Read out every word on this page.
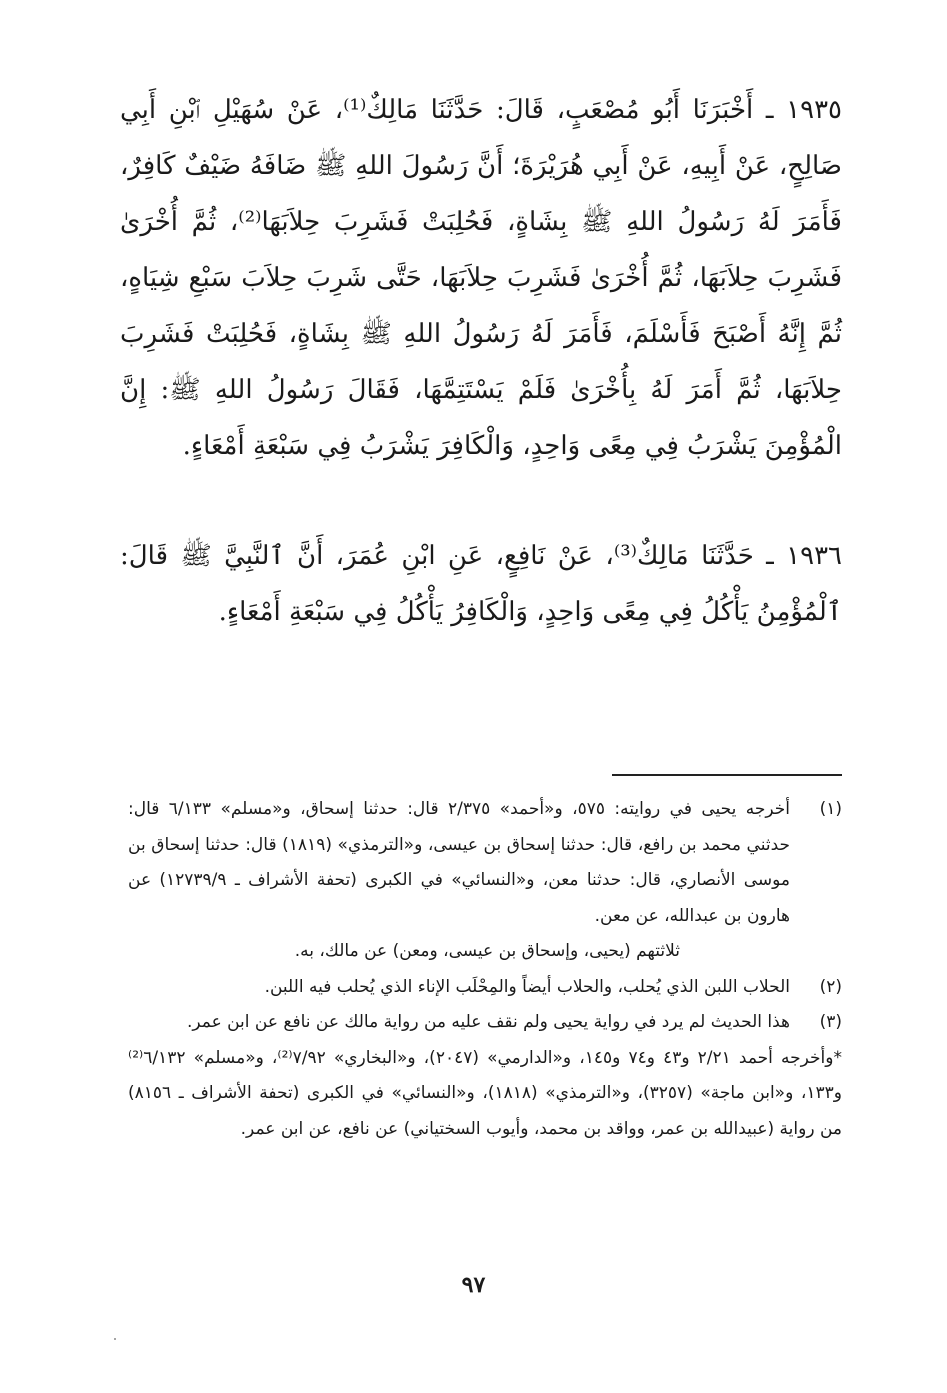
١٩٣٥ ـ أَخْبَرَنَا أَبُو مُصْعَبٍ، قَالَ: حَدَّثَنَا مَالِكٌ⁽¹⁾، عَنْ سُهَيْلِ ٱبْنِ أَبِي صَالِحٍ، عَنْ أَبِيهِ، عَنْ أَبِي هُرَيْرَةَ؛ أَنَّ رَسُولَ اللهِ ﷺ ضَافَهُ ضَيْفٌ كَافِرٌ، فَأَمَرَ لَهُ رَسُولُ اللهِ ﷺ بِشَاةٍ، فَحُلِبَتْ فَشَرِبَ حِلاَبَهَا⁽²⁾، ثُمَّ أُخْرَىٰ فَشَرِبَ حِلاَبَهَا، ثُمَّ أُخْرَىٰ فَشَرِبَ حِلاَبَهَا، حَتَّى شَرِبَ حِلاَبَ سَبْعِ شِيَاهٍ، ثُمَّ إِنَّهُ أَصْبَحَ فَأَسْلَمَ، فَأَمَرَ لَهُ رَسُولُ اللهِ ﷺ بِشَاةٍ، فَحُلِبَتْ فَشَرِبَ حِلاَبَهَا، ثُمَّ أَمَرَ لَهُ بِأُخْرَىٰ فَلَمْ يَسْتَتِمَّهَا، فَقَالَ رَسُولُ اللهِ ﷺ: إِنَّ الْمُؤْمِنَ يَشْرَبُ فِي مِعًى وَاحِدٍ، وَالْكَافِرَ يَشْرَبُ فِي سَبْعَةِ أَمْعَاءٍ.

١٩٣٦ ـ حَدَّثَنَا مَالِكٌ⁽³⁾، عَنْ نَافِعٍ، عَنِ ابْنِ عُمَرَ، أَنَّ ٱلنَّبِيَّ ﷺ قَالَ: ٱلْمُؤْمِنُ يَأْكُلُ فِي مِعًى وَاحِدٍ، وَالْكَافِرُ يَأْكُلُ فِي سَبْعَةِ أَمْعَاءٍ.

(١)
أخرجه يحيى في روايته: ٥٧٥، و«أحمد» ٢/٣٧٥ قال: حدثنا إسحاق، و«مسلم» ٦/١٣٣ قال: حدثني محمد بن رافع، قال: حدثنا إسحاق بن عيسى، و«الترمذي» (١٨١٩) قال: حدثنا إسحاق بن موسى الأنصاري، قال: حدثنا معن، و«النسائي» في الكبرى (تحفة الأشراف ـ ١٢٧٣٩/٩) عن هارون بن عبدالله، عن معن.
ثلاثتهم (يحيى، وإسحاق بن عيسى، ومعن) عن مالك، به.
(٢)
الحلاب اللبن الذي يُحلب، والحلاب أيضاً والمِحْلَب الإناء الذي يُحلب فيه اللبن.
(٣)
هذا الحديث لم يرد في رواية يحيى ولم نقف عليه من رواية مالك عن نافع عن ابن عمر.
*وأخرجه أحمد ٢/٢١ و٤٣ و٧٤ و١٤٥، و«الدارمي» (٢٠٤٧)، و«البخاري» ٧/٩٢⁽²⁾، و«مسلم» ٦/١٣٢⁽²⁾ و١٣٣، و«ابن ماجة» (٣٢٥٧)، و«الترمذي» (١٨١٨)، و«النسائي» في الكبرى (تحفة الأشراف ـ ٨١٥٦) من رواية (عبيدالله بن عمر، وواقد بن محمد، وأيوب السختياني) عن نافع، عن ابن عمر.
٩٧
